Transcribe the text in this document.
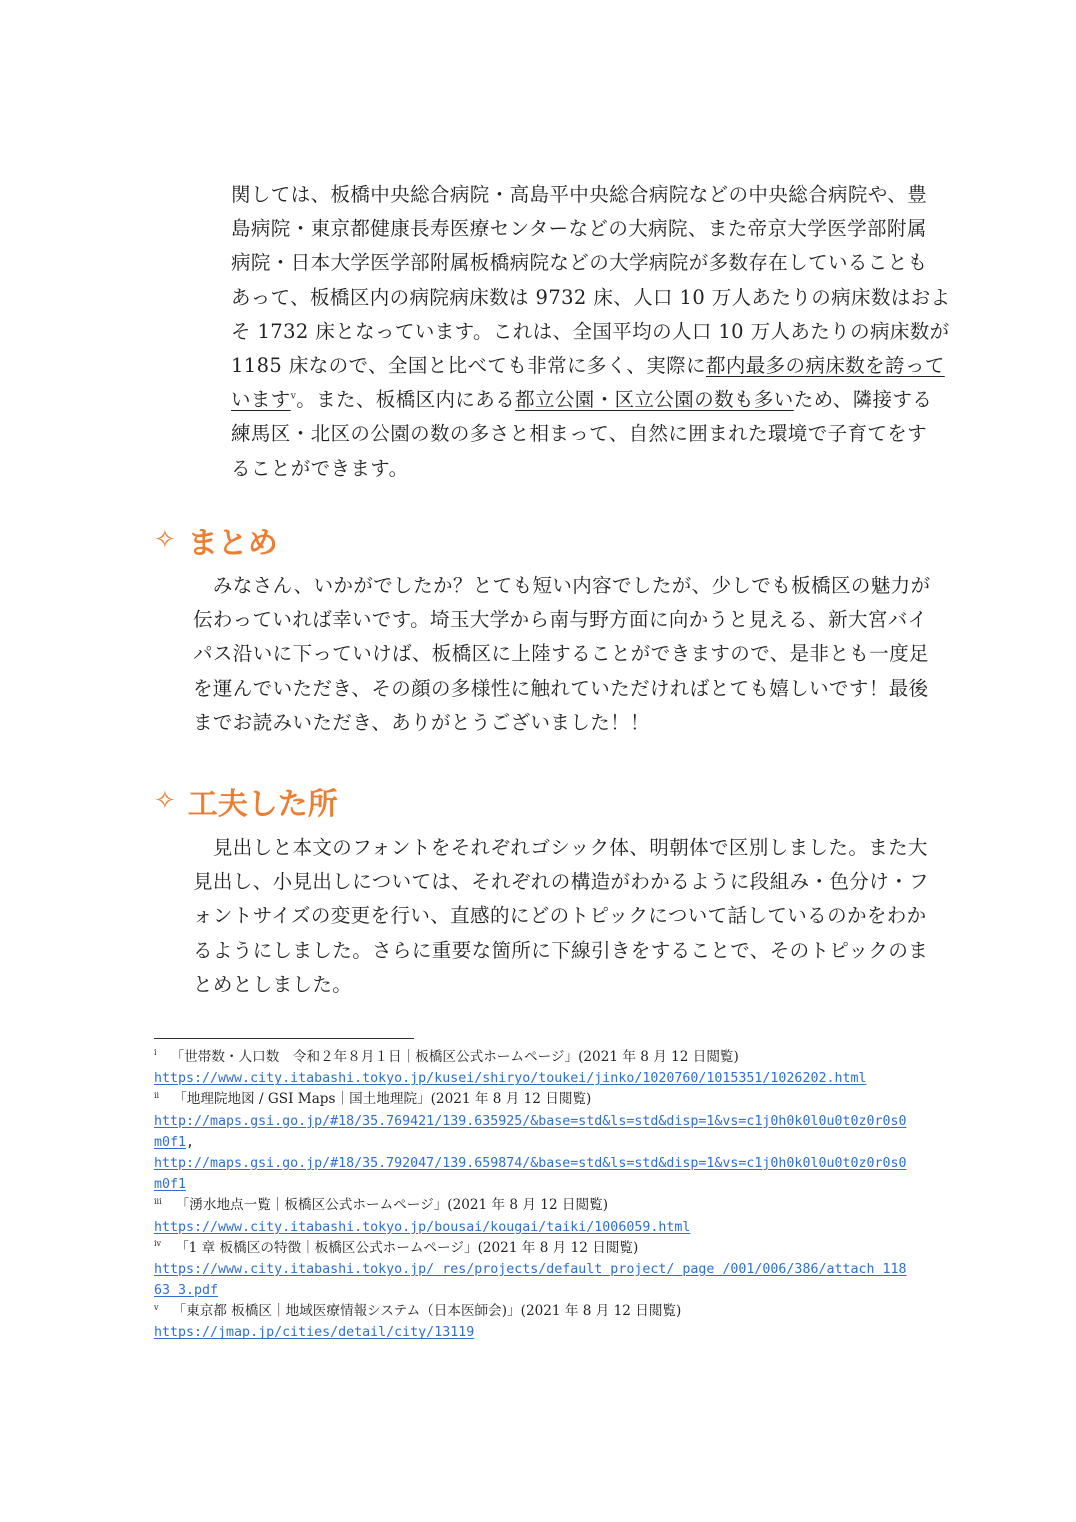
関しては、板橋中央総合病院・高島平中央総合病院などの中央総合病院や、豊
島病院・東京都健康長寿医療センターなどの大病院、また帝京大学医学部附属
病院・日本大学医学部附属板橋病院などの大学病院が多数存在していることも
あって、板橋区内の病院病床数は 9732 床、人口 10 万人あたりの病床数はおよ
そ 1732 床となっています。これは、全国平均の人口 10 万人あたりの病床数が
1185 床なので、全国と比べても非常に多く、実際に都内最多の病床数を誇って
います$^v$。また、板橋区内にある都立公園・区立公園の数も多いため、隣接する
練馬区・北区の公園の数の多さと相まって、自然に囲まれた環境で子育てをす
ることができます。
✧ まとめ
　みなさん、いかがでしたか？とても短い内容でしたが、少しでも板橋区の魅力が
伝わっていれば幸いです。埼玉大学から南与野方面に向かうと見える、新大宮バイ
パス沿いに下っていけば、板橋区に上陸することができますので、是非とも一度足
を運んでいただき、その顔の多様性に触れていただければとても嬉しいです！最後
までお読みいただき、ありがとうございました！！
✧ 工夫した所
　見出しと本文のフォントをそれぞれゴシック体、明朝体で区別しました。また大
見出し、小見出しについては、それぞれの構造がわかるように段組み・色分け・フ
ォントサイズの変更を行い、直感的にどのトピックについて話しているのかをわか
るようにしました。さらに重要な箇所に下線引きをすることで、そのトピックのま
とめとしました。
$^i$ 「世帯数・人口数　令和２年８月１日｜板橋区公式ホームページ」(2021 年 8 月 12 日閲覧)
https://www.city.itabashi.tokyo.jp/kusei/shiryo/toukei/jinko/1020760/1015351/1026202.html
$^{ii}$ 「地理院地図 / GSI Maps｜国土地理院」(2021 年 8 月 12 日閲覧)
http://maps.gsi.go.jp/#18/35.769421/139.635925/&base=std&ls=std&disp=1&vs=c1j0h0k0l0u0t0z0r0s0
m0f1,
http://maps.gsi.go.jp/#18/35.792047/139.659874/&base=std&ls=std&disp=1&vs=c1j0h0k0l0u0t0z0r0s0
m0f1
$^{iii}$ 「湧水地点一覧｜板橋区公式ホームページ」(2021 年 8 月 12 日閲覧)
https://www.city.itabashi.tokyo.jp/bousai/kougai/taiki/1006059.html
$^{iv}$ 「1 章 板橋区の特徴｜板橋区公式ホームページ」(2021 年 8 月 12 日閲覧)
https://www.city.itabashi.tokyo.jp/_res/projects/default_project/_page_/001/006/386/attach_118
63_3.pdf
$^v$ 「東京都 板橋区｜地域医療情報システム（日本医師会)」(2021 年 8 月 12 日閲覧)
https://jmap.jp/cities/detail/city/13119
